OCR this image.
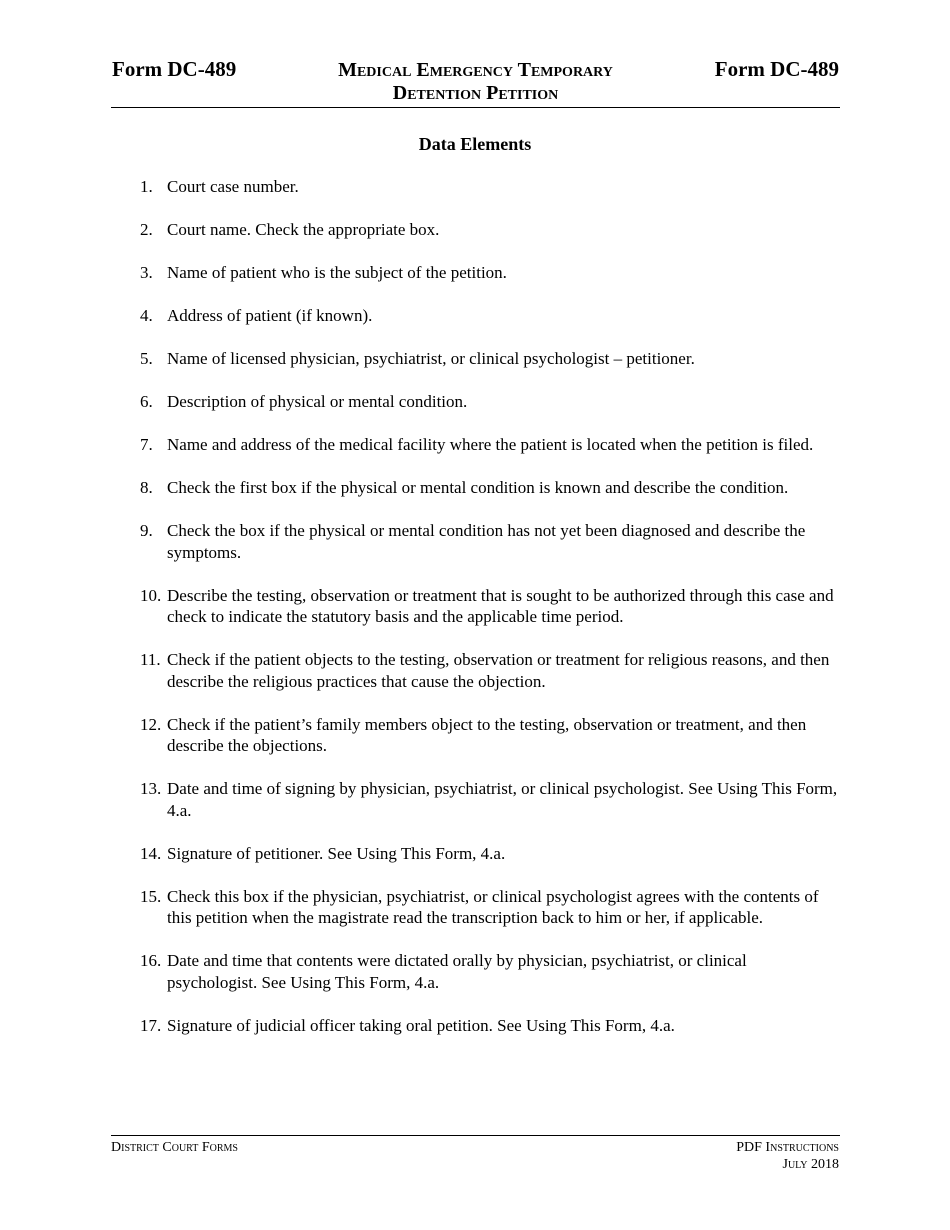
Form DC-489	Medical Emergency Temporary
Detention Petition
Form DC-489
Data Elements
1. Court case number.
2. Court name. Check the appropriate box.
3. Name of patient who is the subject of the petition.
4. Address of patient (if known).
5. Name of licensed physician, psychiatrist, or clinical psychologist – petitioner.
6. Description of physical or mental condition.
7. Name and address of the medical facility where the patient is located when the petition is filed.
8. Check the first box if the physical or mental condition is known and describe the condition.
9. Check the box if the physical or mental condition has not yet been diagnosed and describe the symptoms.
10. Describe the testing, observation or treatment that is sought to be authorized through this case and check to indicate the statutory basis and the applicable time period.
11. Check if the patient objects to the testing, observation or treatment for religious reasons, and then describe the religious practices that cause the objection.
12. Check if the patient’s family members object to the testing, observation or treatment, and then describe the objections.
13. Date and time of signing by physician, psychiatrist, or clinical psychologist. See Using This Form, 4.a.
14. Signature of petitioner. See Using This Form, 4.a.
15. Check this box if the physician, psychiatrist, or clinical psychologist agrees with the contents of this petition when the magistrate read the transcription back to him or her, if applicable.
16. Date and time that contents were dictated orally by physician, psychiatrist, or clinical psychologist. See Using This Form, 4.a.
17. Signature of judicial officer taking oral petition. See Using This Form, 4.a.
District Court Forms	PDF Instructions
July 2018
